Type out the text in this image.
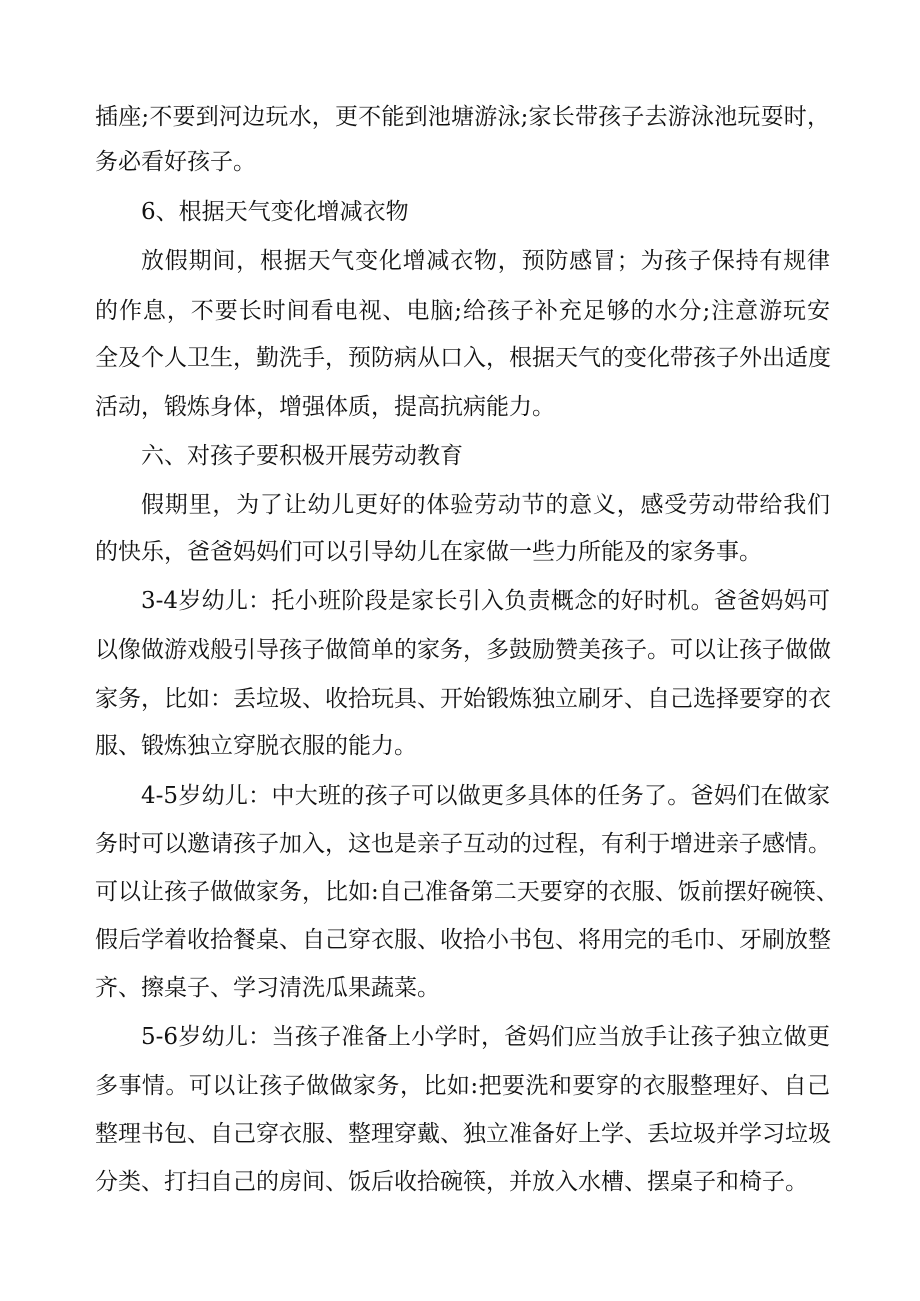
插座;不要到河边玩水，更不能到池塘游泳;家长带孩子去游泳池玩耍时，

务必看好孩子。

6、根据天气变化增减衣物

放假期间，根据天气变化增减衣物，预防感冒；为孩子保持有规律

的作息，不要长时间看电视、电脑;给孩子补充足够的水分;注意游玩安

全及个人卫生，勤洗手，预防病从口入，根据天气的变化带孩子外出适度

活动，锻炼身体，增强体质，提高抗病能力。

六、对孩子要积极开展劳动教育

假期里，为了让幼儿更好的体验劳动节的意义，感受劳动带给我们

的快乐，爸爸妈妈们可以引导幼儿在家做一些力所能及的家务事。

3-4岁幼儿：托小班阶段是家长引入负责概念的好时机。爸爸妈妈可

以像做游戏般引导孩子做简单的家务，多鼓励赞美孩子。可以让孩子做做

家务，比如：丢垃圾、收拾玩具、开始锻炼独立刷牙、自己选择要穿的衣

服、锻炼独立穿脱衣服的能力。

4-5岁幼儿：中大班的孩子可以做更多具体的任务了。爸妈们在做家

务时可以邀请孩子加入，这也是亲子互动的过程，有利于增进亲子感情。

可以让孩子做做家务，比如:自己准备第二天要穿的衣服、饭前摆好碗筷、

假后学着收拾餐桌、自己穿衣服、收拾小书包、将用完的毛巾、牙刷放整

齐、擦桌子、学习清洗瓜果蔬菜。

5-6岁幼儿：当孩子准备上小学时，爸妈们应当放手让孩子独立做更

多事情。可以让孩子做做家务，比如:把要洗和要穿的衣服整理好、自己

整理书包、自己穿衣服、整理穿戴、独立准备好上学、丢垃圾并学习垃圾

分类、打扫自己的房间、饭后收拾碗筷，并放入水槽、摆桌子和椅子。
